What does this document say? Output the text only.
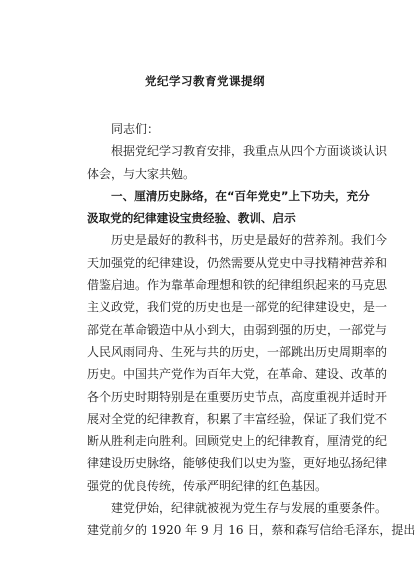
党纪学习教育党课提纲
同志们：
根据党纪学习教育安排，我重点从四个方面谈谈认识
体会，与大家共勉。
一、厘清历史脉络，在“百年党史”上下功夫，充分
汲取党的纪律建设宝贵经验、教训、启示
历史是最好的教科书，历史是最好的营养剂。我们今
天加强党的纪律建设，仍然需要从党史中寻找精神营养和
借鉴启迪。作为靠革命理想和铁的纪律组织起来的马克思
主义政党，我们党的历史也是一部党的纪律建设史，是一
部党在革命锻造中从小到大，由弱到强的历史，一部党与
人民风雨同舟、生死与共的历史，一部跳出历史周期率的
历史。中国共产党作为百年大党，在革命、建设、改革的
各个历史时期特别是在重要历史节点，高度重视并适时开
展对全党的纪律教育，积累了丰富经验，保证了我们党不
断从胜利走向胜利。回顾党史上的纪律教育，厘清党的纪
律建设历史脉络，能够使我们以史为鉴，更好地弘扬纪律
强党的优良传统，传承严明纪律的红色基因。
建党伊始，纪律就被视为党生存与发展的重要条件。
建党前夕的 1920 年 9 月 16 日，蔡和森写信给毛泽东，提出
